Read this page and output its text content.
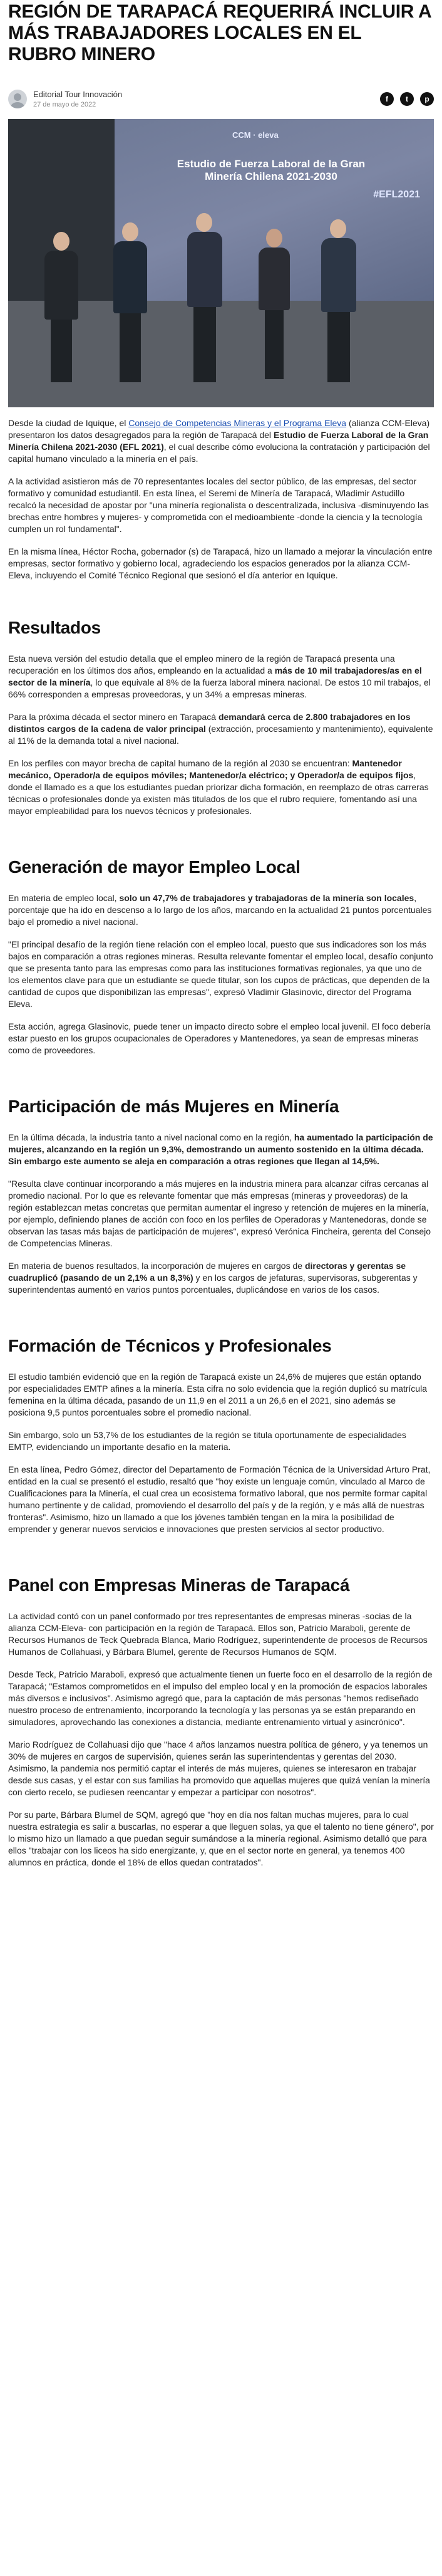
REGIÓN DE TARAPACÁ REQUERIRÁ INCLUIR A MÁS TRABAJADORES LOCALES EN EL RUBRO MINERO
Editorial Tour Innovación
27 de mayo de 2022
f	t	p
CCM · eleva
Estudio de Fuerza Laboral de la Gran Minería Chilena 2021-2030
#EFL2021

Desde la ciudad de Iquique, el Consejo de Competencias Mineras y el Programa Eleva (alianza CCM-Eleva) presentaron los datos desagregados para la región de Tarapacá del Estudio de Fuerza Laboral de la Gran Minería Chilena 2021-2030 (EFL 2021), el cual describe cómo evoluciona la contratación y participación del capital humano vinculado a la minería en el país.

A la actividad asistieron más de 70 representantes locales del sector público, de las empresas, del sector formativo y comunidad estudiantil. En esta línea, el Seremi de Minería de Tarapacá, Wladimir Astudillo recalcó la necesidad de apostar por "una minería regionalista o descentralizada, inclusiva -disminuyendo las brechas entre hombres y mujeres- y comprometida con el medioambiente -donde la ciencia y la tecnología cumplen un rol fundamental".

En la misma línea, Héctor Rocha, gobernador (s) de Tarapacá, hizo un llamado a mejorar la vinculación entre empresas, sector formativo y gobierno local, agradeciendo los espacios generados por la alianza CCM-Eleva, incluyendo el Comité Técnico Regional que sesionó el día anterior en Iquique.

Resultados

Esta nueva versión del estudio detalla que el empleo minero de la región de Tarapacá presenta una recuperación en los últimos dos años, empleando en la actualidad a más de 10 mil trabajadores/as en el sector de la minería, lo que equivale al 8% de la fuerza laboral minera nacional. De estos 10 mil trabajos, el 66% corresponden a empresas proveedoras, y un 34% a empresas mineras.

Para la próxima década el sector minero en Tarapacá demandará cerca de 2.800 trabajadores en los distintos cargos de la cadena de valor principal (extracción, procesamiento y mantenimiento), equivalente al 11% de la demanda total a nivel nacional.

En los perfiles con mayor brecha de capital humano de la región al 2030 se encuentran: Mantenedor mecánico, Operador/a de equipos móviles; Mantenedor/a eléctrico; y Operador/a de equipos fijos, donde el llamado es a que los estudiantes puedan priorizar dicha formación, en reemplazo de otras carreras técnicas o profesionales donde ya existen más titulados de los que el rubro requiere, fomentando así una mayor empleabilidad para los nuevos técnicos y profesionales.

Generación de mayor Empleo Local

En materia de empleo local, solo un 47,7% de trabajadores y trabajadoras de la minería son locales, porcentaje que ha ido en descenso a lo largo de los años, marcando en la actualidad 21 puntos porcentuales bajo el promedio a nivel nacional.

"El principal desafío de la región tiene relación con el empleo local, puesto que sus indicadores son los más bajos en comparación a otras regiones mineras. Resulta relevante fomentar el empleo local, desafío conjunto que se presenta tanto para las empresas como para las instituciones formativas regionales, ya que uno de los elementos clave para que un estudiante se quede titular, son los cupos de prácticas, que dependen de la cantidad de cupos que disponibilizan las empresas", expresó Vladimir Glasinovic, director del Programa Eleva.

Esta acción, agrega Glasinovic, puede tener un impacto directo sobre el empleo local juvenil. El foco debería estar puesto en los grupos ocupacionales de Operadores y Mantenedores, ya sean de empresas mineras como de proveedores.

Participación de más Mujeres en Minería

En la última década, la industria tanto a nivel nacional como en la región, ha aumentado la participación de mujeres, alcanzando en la región un 9,3%, demostrando un aumento sostenido en la última década. Sin embargo este aumento se aleja en comparación a otras regiones que llegan al 14,5%.

"Resulta clave continuar incorporando a más mujeres en la industria minera para alcanzar cifras cercanas al promedio nacional. Por lo que es relevante fomentar que más empresas (mineras y proveedoras) de la región establezcan metas concretas que permitan aumentar el ingreso y retención de mujeres en la minería, por ejemplo, definiendo planes de acción con foco en los perfiles de Operadoras y Mantenedoras, donde se observan las tasas más bajas de participación de mujeres", expresó Verónica Fincheira, gerenta del Consejo de Competencias Mineras.

En materia de buenos resultados, la incorporación de mujeres en cargos de directoras y gerentas se cuadruplicó (pasando de un 2,1% a un 8,3%) y en los cargos de jefaturas, supervisoras, subgerentas y superintendentas aumentó en varios puntos porcentuales, duplicándose en varios de los casos.

Formación de Técnicos y Profesionales

El estudio también evidenció que en la región de Tarapacá existe un 24,6% de mujeres que están optando por especialidades EMTP afines a la minería. Esta cifra no solo evidencia que la región duplicó su matrícula femenina en la última década, pasando de un 11,9 en el 2011 a un 26,6 en el 2021, sino además se posiciona 9,5 puntos porcentuales sobre el promedio nacional.

Sin embargo, solo un 53,7% de los estudiantes de la región se titula oportunamente de especialidades EMTP, evidenciando un importante desafío en la materia.

En esta línea, Pedro Gómez, director del Departamento de Formación Técnica de la Universidad Arturo Prat, entidad en la cual se presentó el estudio, resaltó que "hoy existe un lenguaje común, vinculado al Marco de Cualificaciones para la Minería, el cual crea un ecosistema formativo laboral, que nos permite formar capital humano pertinente y de calidad, promoviendo el desarrollo del país y de la región, y e más allá de nuestras fronteras". Asimismo, hizo un llamado a que los jóvenes también tengan en la mira la posibilidad de emprender y generar nuevos servicios e innovaciones que presten servicios al sector productivo.

Panel con Empresas Mineras de Tarapacá

La actividad contó con un panel conformado por tres representantes de empresas mineras -socias de la alianza CCM-Eleva- con participación en la región de Tarapacá. Ellos son, Patricio Maraboli, gerente de Recursos Humanos de Teck Quebrada Blanca, Mario Rodríguez, superintendente de procesos de Recursos Humanos de Collahuasi, y Bárbara Blumel, gerente de Recursos Humanos de SQM.

Desde Teck, Patricio Maraboli, expresó que actualmente tienen un fuerte foco en el desarrollo de la región de Tarapacá; "Estamos comprometidos en el impulso del empleo local y en la promoción de espacios laborales más diversos e inclusivos". Asimismo agregó que, para la captación de más personas "hemos rediseñado nuestro proceso de entrenamiento, incorporando la tecnología y las personas ya se están preparando en simuladores, aprovechando las conexiones a distancia, mediante entrenamiento virtual y asincrónico".

Mario Rodríguez de Collahuasi dijo que "hace 4 años lanzamos nuestra política de género, y ya tenemos un 30% de mujeres en cargos de supervisión, quienes serán las superintendentas y gerentas del 2030. Asimismo, la pandemia nos permitió captar el interés de más mujeres, quienes se interesaron en trabajar desde sus casas, y el estar con sus familias ha promovido que aquellas mujeres que quizá venían la minería con cierto recelo, se pudiesen reencantar y empezar a participar con nosotros".

Por su parte, Bárbara Blumel de SQM, agregó que "hoy en día nos faltan muchas mujeres, para lo cual nuestra estrategia es salir a buscarlas, no esperar a que lleguen solas, ya que el talento no tiene género", por lo mismo hizo un llamado a que puedan seguir sumándose a la minería regional. Asimismo detalló que para ellos "trabajar con los liceos ha sido energizante, y, que en el sector norte en general, ya tenemos 400 alumnos en práctica, donde el 18% de ellos quedan contratados".
